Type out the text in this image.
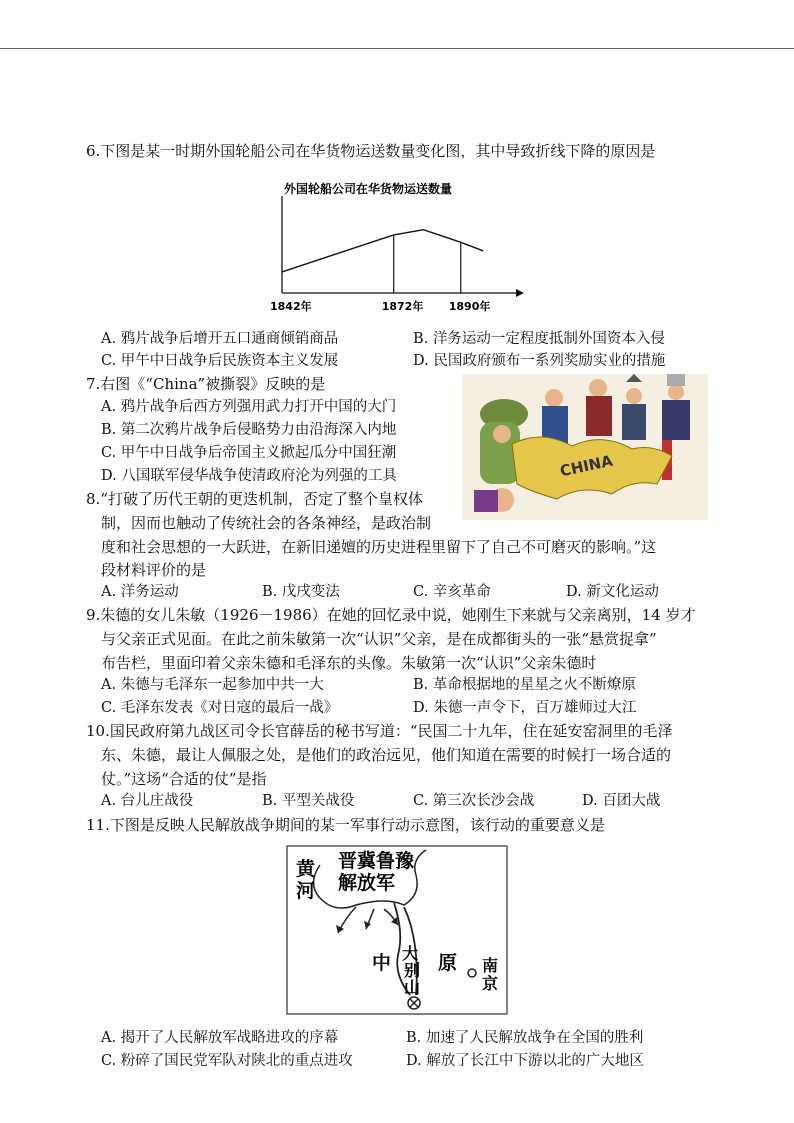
6.下图是某一时期外国轮船公司在华货物运送数量变化图，其中导致折线下降的原因是
外国轮船公司在华货物运送数量
1842年	1872年 1890年
A. 鸦片战争后增开五口通商倾销商品	B. 洋务运动一定程度抵制外国资本入侵
C. 甲午中日战争后民族资本主义发展	D. 民国政府颁布一系列奖励实业的措施
7.右图《“China”被撕裂》反映的是
A. 鸦片战争后西方列强用武力打开中国的大门
B. 第二次鸦片战争后侵略势力由沿海深入内地
C. 甲午中日战争后帝国主义掀起瓜分中国狂潮
D. 八国联军侵华战争使清政府沦为列强的工具	CHINA
8.“打破了历代王朝的更迭机制，否定了整个皇权体
制，因而也触动了传统社会的各条神经，是政治制
度和社会思想的一大跃进，在新旧递嬗的历史进程里留下了自己不可磨灭的影响。”这
段材料评价的是
A. 洋务运动	B. 戊戌变法	C. 辛亥革命	D. 新文化运动
9.朱德的女儿朱敏（1926－1986）在她的回忆录中说，她刚生下来就与父亲离别，14 岁才
与父亲正式见面。在此之前朱敏第一次“认识”父亲，是在成都街头的一张“悬赏捉拿”
布告栏，里面印着父亲朱德和毛泽东的头像。朱敏第一次“认识”父亲朱德时
A. 朱德与毛泽东一起参加中共一大	B. 革命根据地的星星之火不断燎原
C. 毛泽东发表《对日寇的最后一战》	D. 朱德一声令下，百万雄师过大江
10.国民政府第九战区司令长官薛岳的秘书写道：“民国二十九年，住在延安窑洞里的毛泽
东、朱德，最让人佩服之处，是他们的政治远见，他们知道在需要的时候打一场合适的
仗。”这场“合适的仗”是指
A. 台儿庄战役	B. 平型关战役	C. 第三次长沙会战	D. 百团大战
11.下图是反映人民解放战争期间的某一军事行动示意图，该行动的重要意义是
晋冀鲁豫
解放军
黄
河
中 原
大
别
山
南
京
A. 揭开了人民解放军战略进攻的序幕	B. 加速了人民解放战争在全国的胜利
C. 粉碎了国民党军队对陕北的重点进攻	D. 解放了长江中下游以北的广大地区
